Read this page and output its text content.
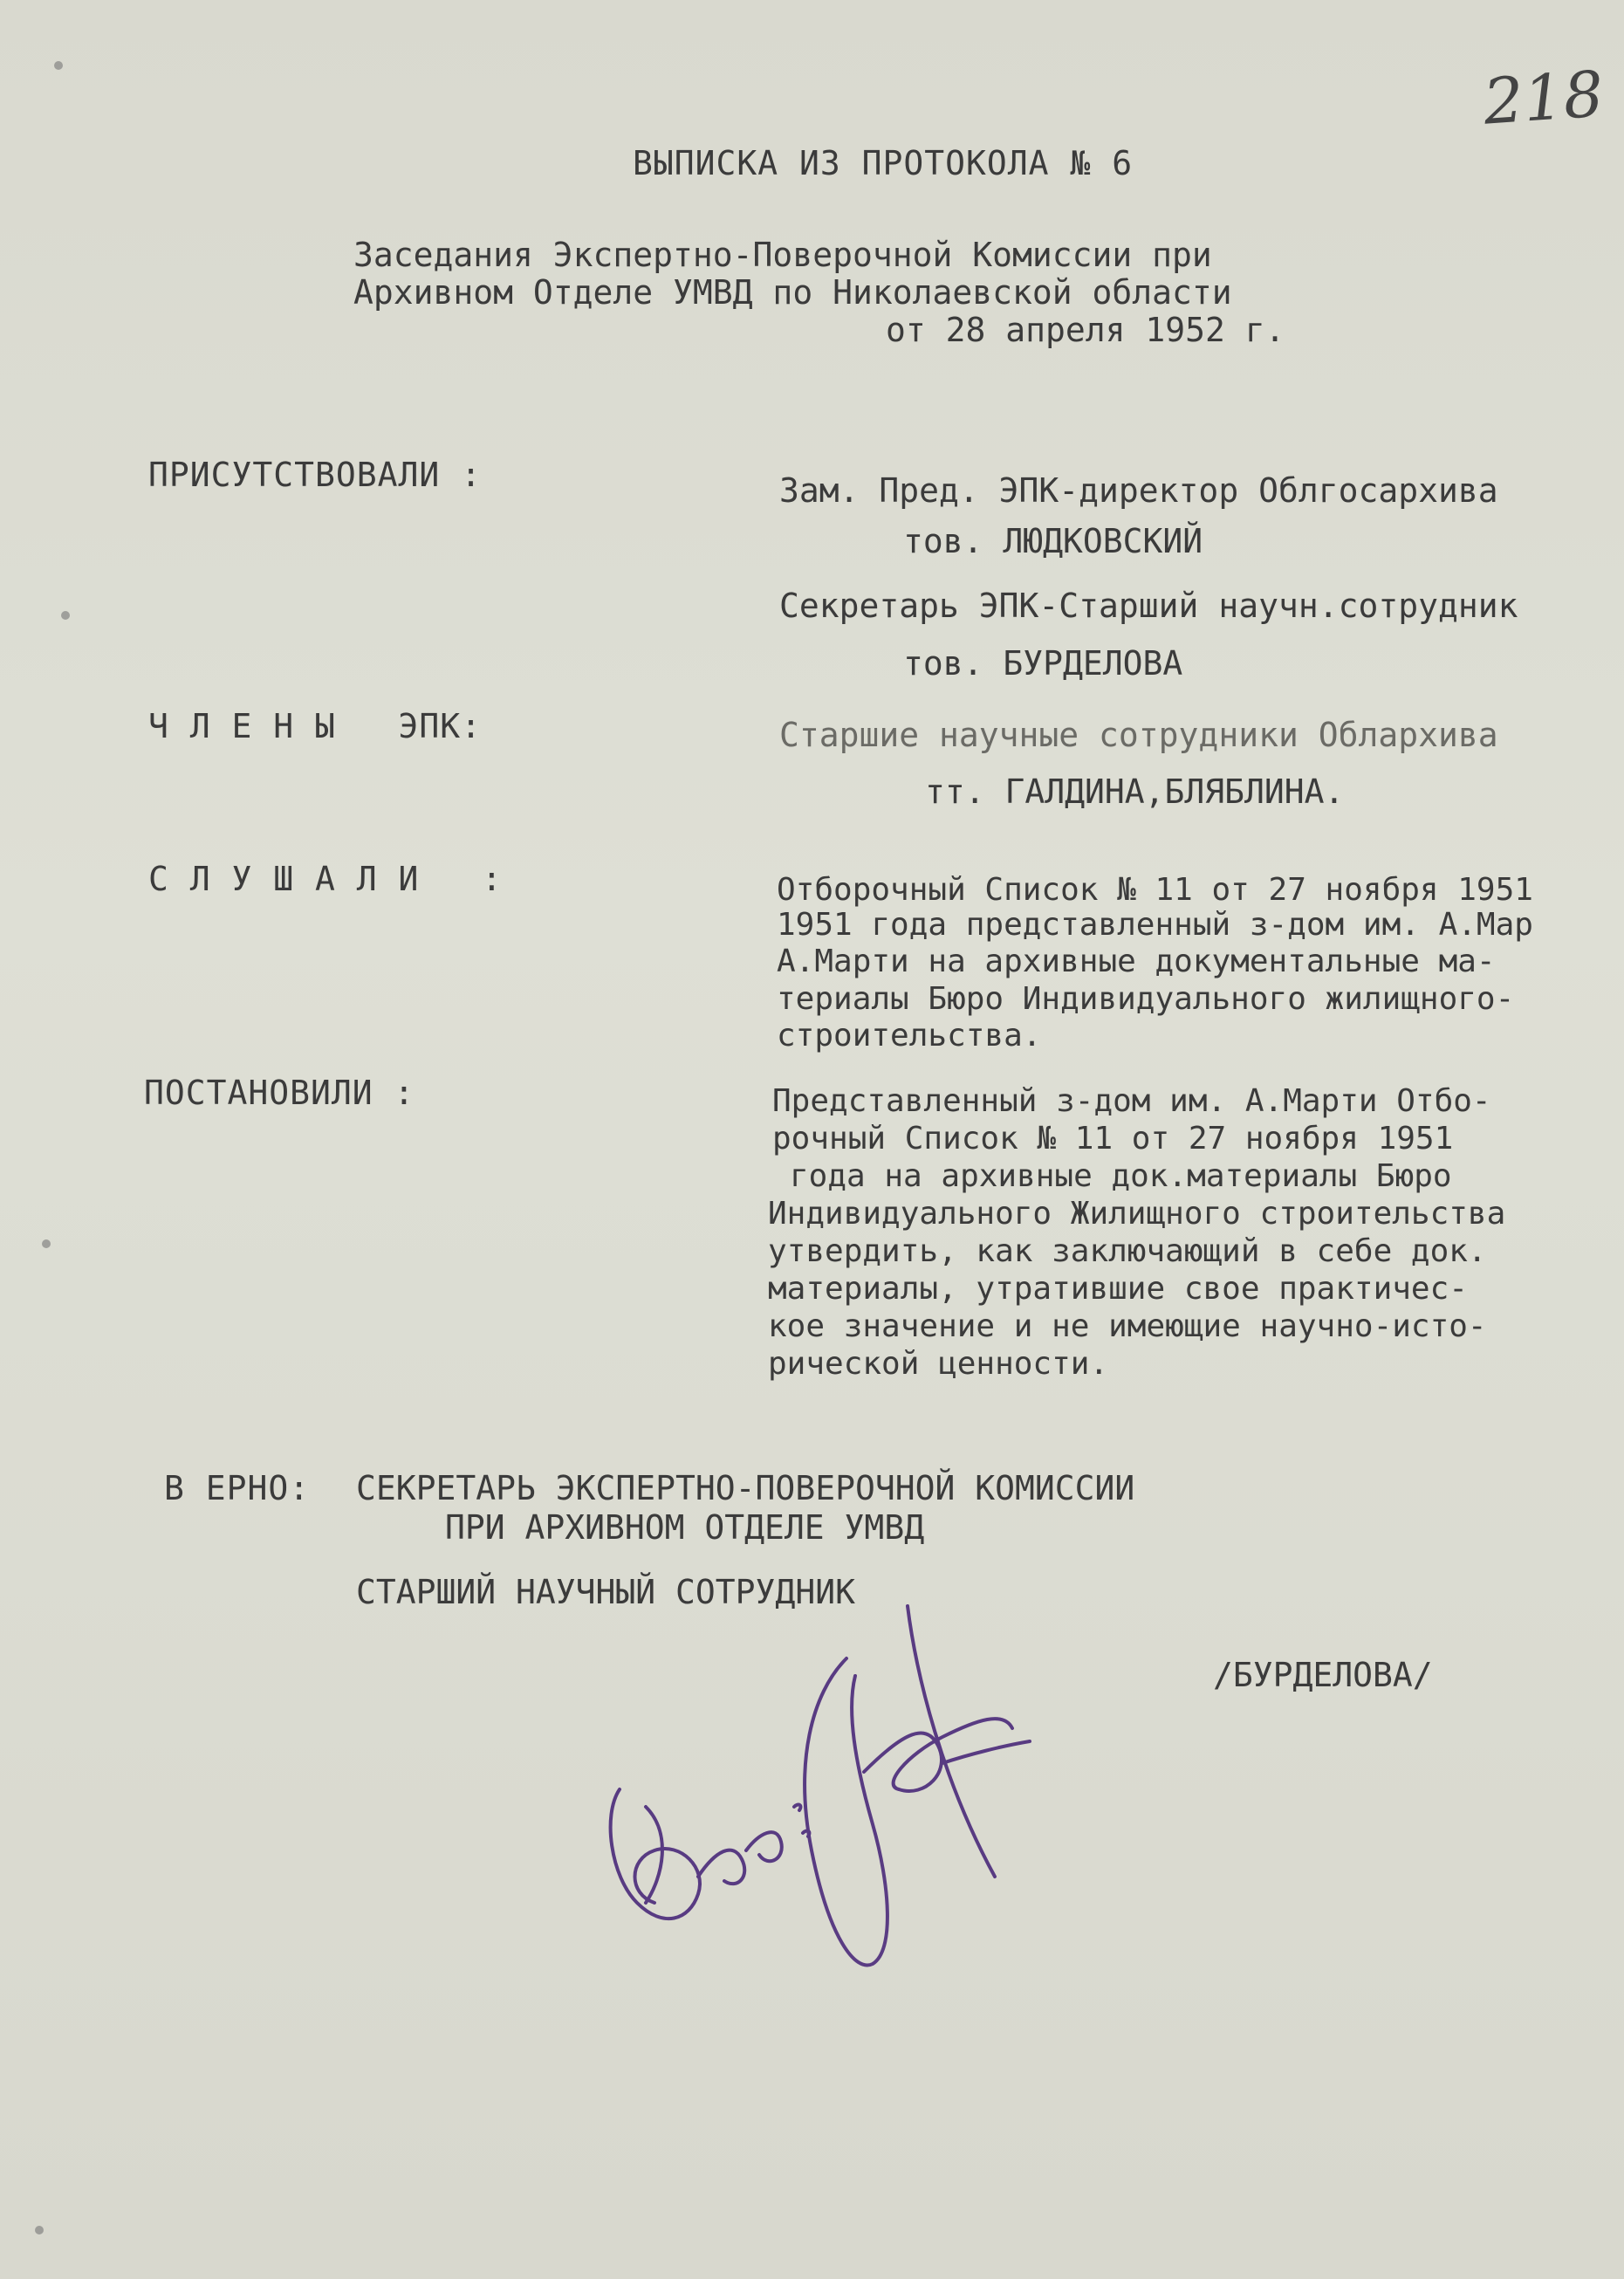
218
ВЫПИСКА ИЗ ПРОТОКОЛА № 6
Заседания Экспертно-Поверочной Комиссии при
Архивном Отделе УМВД по Николаевской области
от 28 апреля 1952 г.
ПРИСУТСТВОВАЛИ :	Зам. Пред. ЭПК-директор Облгосархива
тов. ЛЮДКОВСКИЙ
Секретарь ЭПК-Старший научн.сотрудник
тов. БУРДЕЛОВА
Ч Л Е Н Ы   ЭПК:	Старшие научные сотрудники Облархива
тт. ГАЛДИНА,БЛЯБЛИНА.
С Л У Ш А Л И   :	Отборочный Список № 11 от 27 ноября 1951
1951 года представленный з-дом им. А.Мар
А.Марти на архивные документальные ма-
териалы Бюро Индивидуального жилищного-
строительства.
ПОСТАНОВИЛИ :	Представленный з-дом им. А.Марти Отбо-
рочный Список № 11 от 27 ноября 1951
года на архивные док.материалы Бюро
Индивидуального Жилищного строительства
утвердить, как заключающий в себе док.
материалы, утратившие свое практичес-
кое значение и не имеющие научно-исто-
рической ценности.
В ЕРНО: СЕКРЕТАРЬ ЭКСПЕРТНО-ПОВЕРОЧНОЙ КОМИССИИ
ПРИ АРХИВНОМ ОТДЕЛЕ УМВД
СТАРШИЙ НАУЧНЫЙ СОТРУДНИК
/БУРДЕЛОВА/
